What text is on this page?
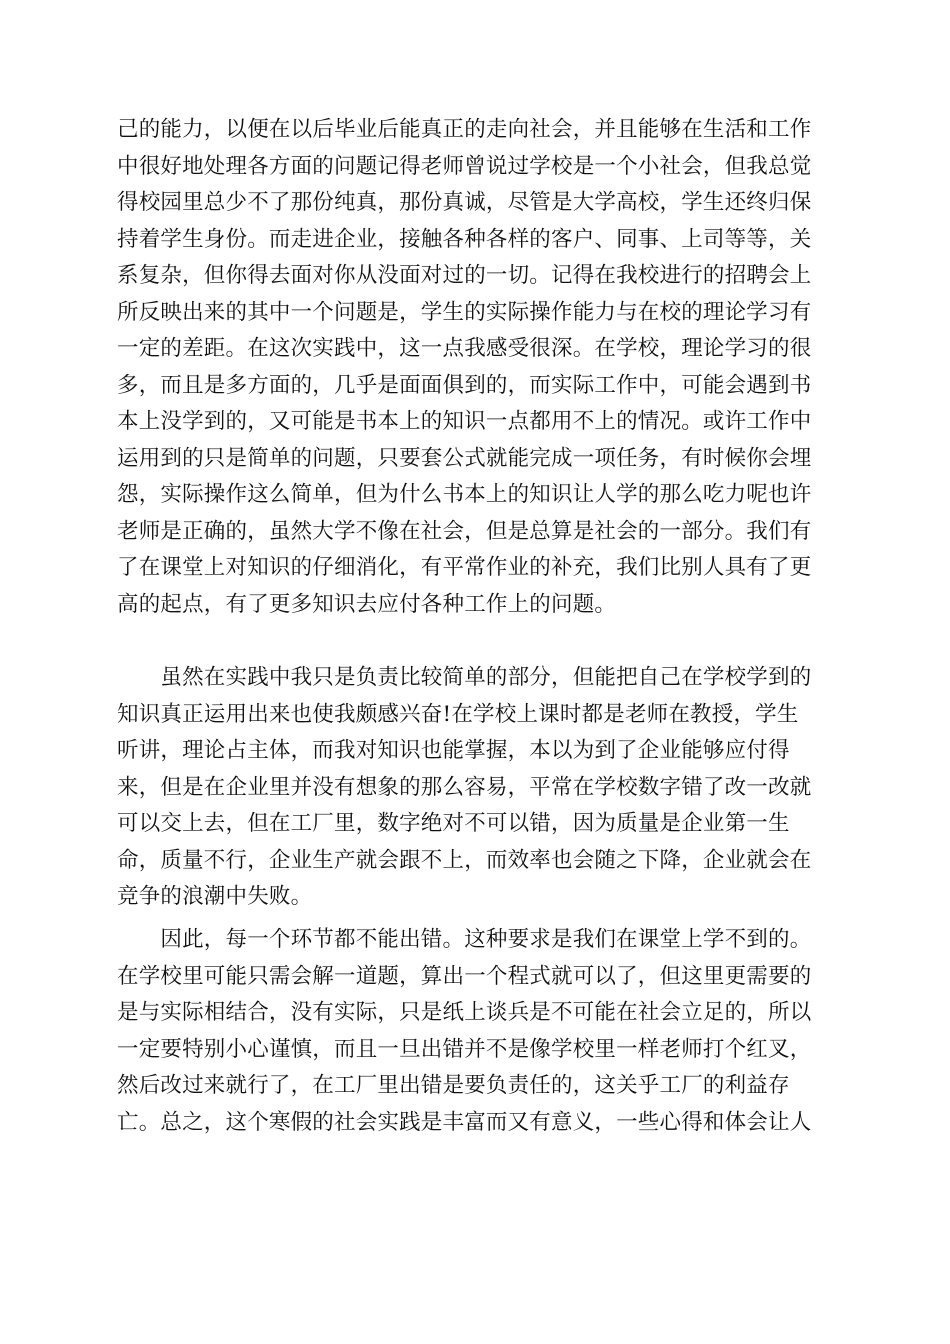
己的能力，以便在以后毕业后能真正的走向社会，并且能够在生活和工作
中很好地处理各方面的问题记得老师曾说过学校是一个小社会，但我总觉
得校园里总少不了那份纯真，那份真诚，尽管是大学高校，学生还终归保
持着学生身份。而走进企业，接触各种各样的客户、同事、上司等等，关
系复杂，但你得去面对你从没面对过的一切。记得在我校进行的招聘会上
所反映出来的其中一个问题是，学生的实际操作能力与在校的理论学习有
一定的差距。在这次实践中，这一点我感受很深。在学校，理论学习的很
多，而且是多方面的，几乎是面面俱到的，而实际工作中，可能会遇到书
本上没学到的，又可能是书本上的知识一点都用不上的情况。或许工作中
运用到的只是简单的问题，只要套公式就能完成一项任务，有时候你会埋
怨，实际操作这么简单，但为什么书本上的知识让人学的那么吃力呢也许
老师是正确的，虽然大学不像在社会，但是总算是社会的一部分。我们有
了在课堂上对知识的仔细消化，有平常作业的补充，我们比别人具有了更
高的起点，有了更多知识去应付各种工作上的问题。
　　虽然在实践中我只是负责比较简单的部分，但能把自己在学校学到的
知识真正运用出来也使我颇感兴奋!在学校上课时都是老师在教授，学生
听讲，理论占主体，而我对知识也能掌握，本以为到了企业能够应付得
来，但是在企业里并没有想象的那么容易，平常在学校数字错了改一改就
可以交上去，但在工厂里，数字绝对不可以错，因为质量是企业第一生
命，质量不行，企业生产就会跟不上，而效率也会随之下降，企业就会在
竞争的浪潮中失败。
　　因此，每一个环节都不能出错。这种要求是我们在课堂上学不到的。
在学校里可能只需会解一道题，算出一个程式就可以了，但这里更需要的
是与实际相结合，没有实际，只是纸上谈兵是不可能在社会立足的，所以
一定要特别小心谨慎，而且一旦出错并不是像学校里一样老师打个红叉，
然后改过来就行了，在工厂里出错是要负责任的，这关乎工厂的利益存
亡。总之，这个寒假的社会实践是丰富而又有意义，一些心得和体会让人
